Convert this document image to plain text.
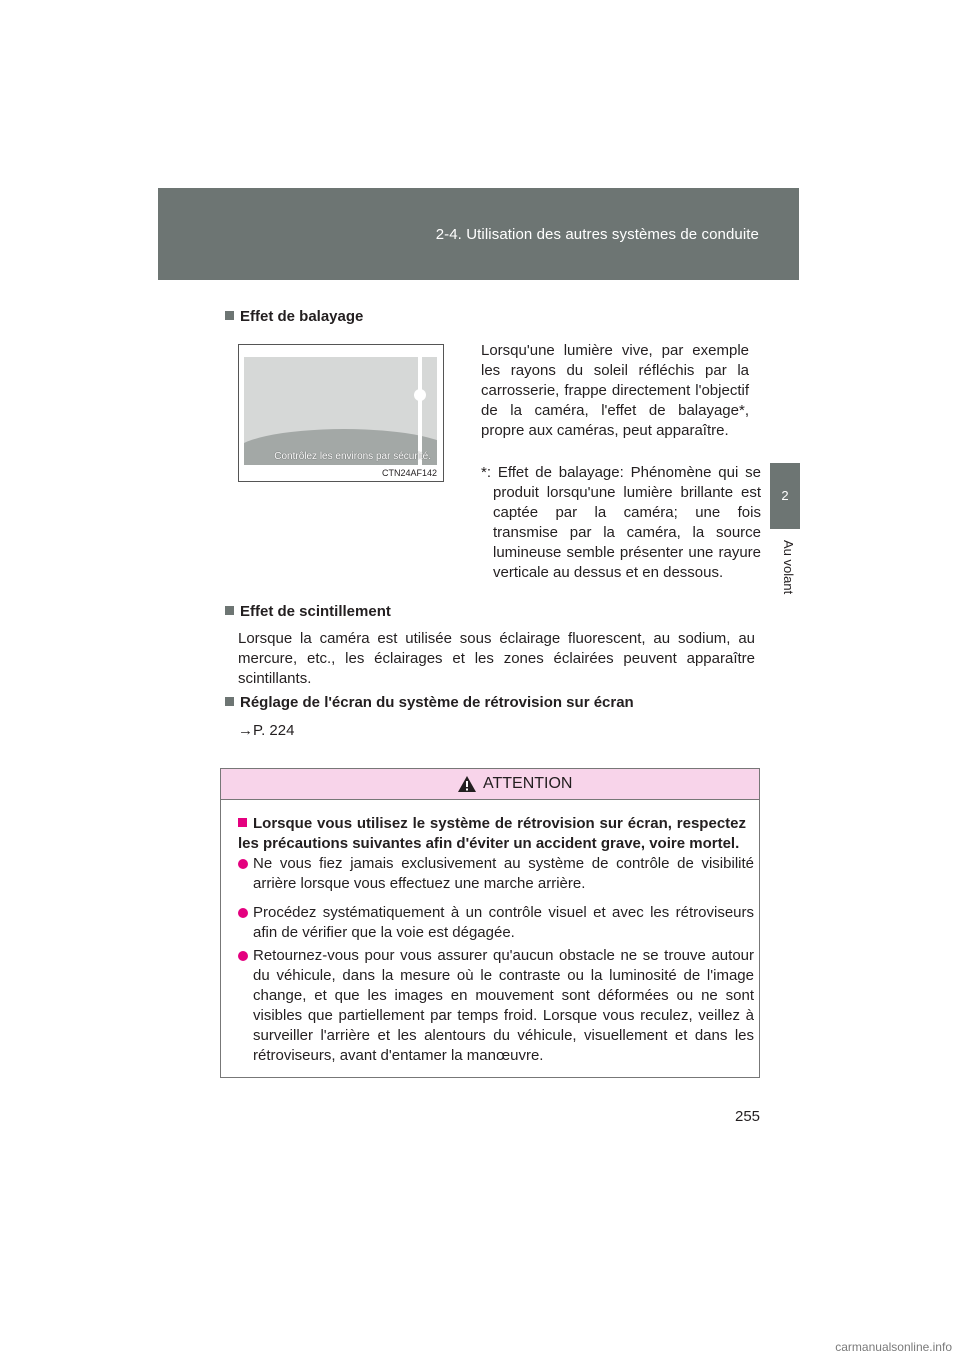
2-4. Utilisation des autres systèmes de conduite
2
Au volant
Effet de balayage
Contrôlez les environs par sécurité.
CTN24AF142
Lorsqu'une lumière vive, par exemple les rayons du soleil réfléchis par la carrosserie, frappe directement l'objectif de la caméra, l'effet de balayage*, propre aux caméras, peut apparaître.
*: Effet de balayage: Phénomène qui se produit lorsqu'une lumière brillante est captée par la caméra; une fois transmise par la caméra, la source lumineuse semble présenter une rayure verticale au dessus et en dessous.
Effet de scintillement
Lorsque la caméra est utilisée sous éclairage fluorescent, au sodium, au mercure, etc., les éclairages et les zones éclairées peuvent apparaître scintillants.
Réglage de l'écran du système de rétrovision sur écran
→P. 224
ATTENTION
Lorsque vous utilisez le système de rétrovision sur écran, respectez les précautions suivantes afin d'éviter un accident grave, voire mortel.
Ne vous fiez jamais exclusivement au système de contrôle de visibilité arrière lorsque vous effectuez une marche arrière.
Procédez systématiquement à un contrôle visuel et avec les rétroviseurs afin de vérifier que la voie est dégagée.
Retournez-vous pour vous assurer qu'aucun obstacle ne se trouve autour du véhicule, dans la mesure où le contraste ou la luminosité de l'image change, et que les images en mouvement sont déformées ou ne sont visibles que partiellement par temps froid. Lorsque vous reculez, veillez à surveiller l'arrière et les alentours du véhicule, visuellement et dans les rétroviseurs, avant d'entamer la manœuvre.
255
carmanualsonline.info
